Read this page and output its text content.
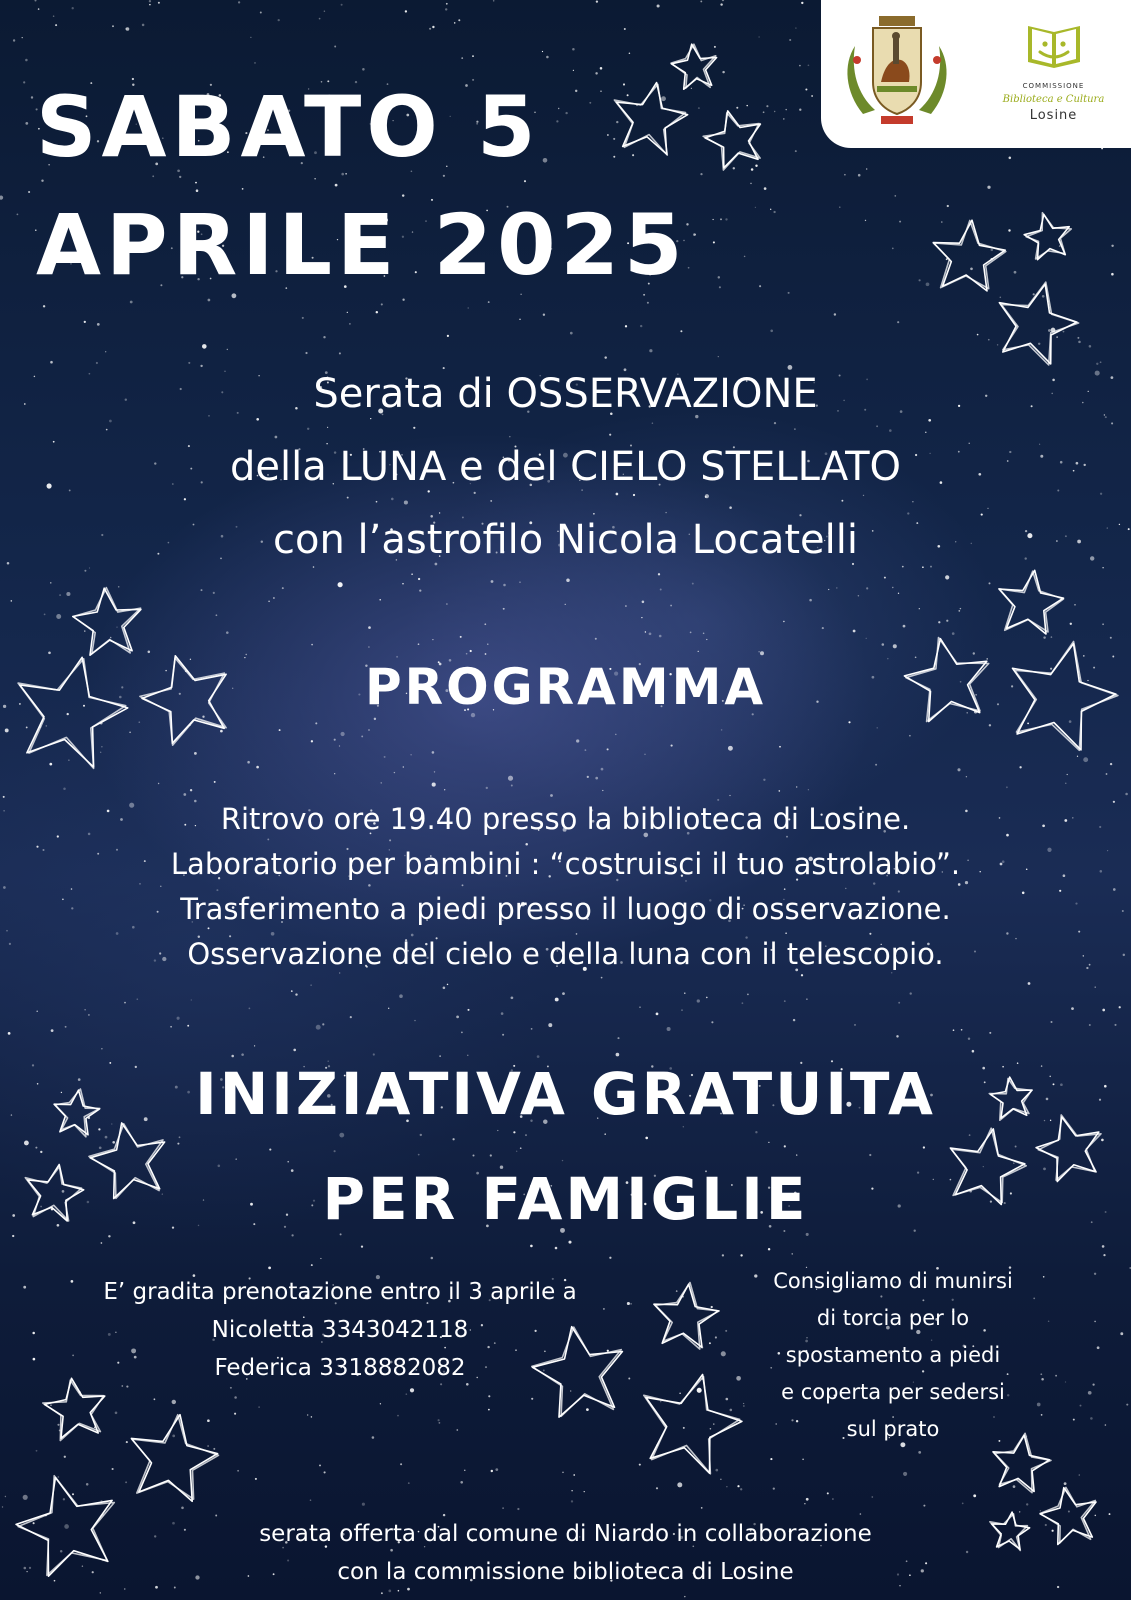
COMMISSIONE
Biblioteca e Cultura
Losine
SABATO 5
APRILE 2025
Serata di OSSERVAZIONE
della LUNA e del CIELO STELLATO
con l’astrofilo Nicola Locatelli
PROGRAMMA
Ritrovo ore 19.40 presso la biblioteca di Losine.
Laboratorio per bambini : “costruisci il tuo astrolabio”.
Trasferimento a piedi presso il luogo di osservazione.
Osservazione del cielo e della luna con il telescopio.
INIZIATIVA GRATUITA
PER FAMIGLIE
E’ gradita prenotazione entro il 3 aprile a
Nicoletta 3343042118
Federica 3318882082
Consigliamo di munirsi
di torcia per lo
spostamento a piedi
e coperta per sedersi
sul prato
serata offerta dal comune di Niardo in collaborazione
con la commissione biblioteca di Losine
